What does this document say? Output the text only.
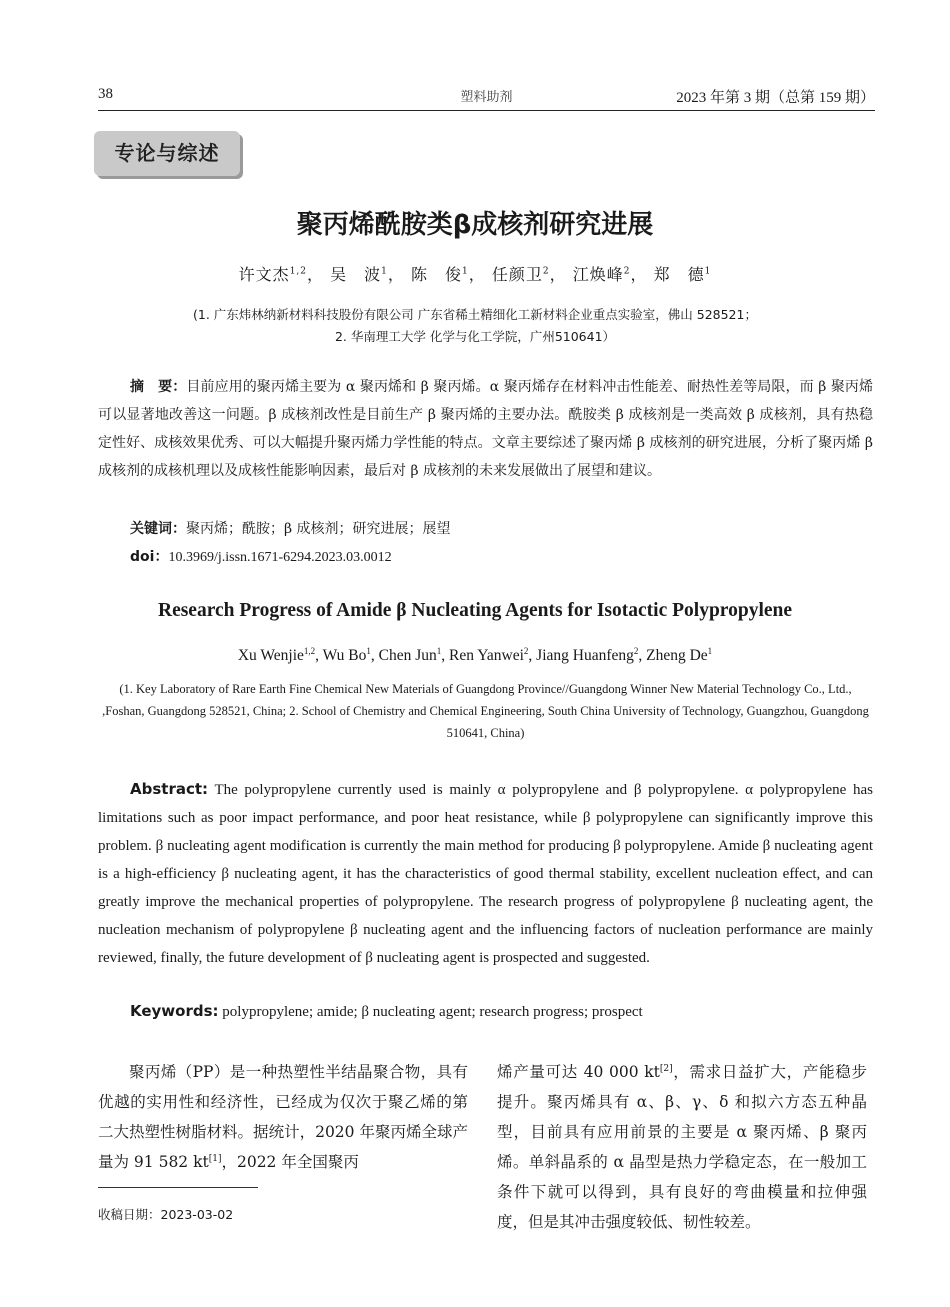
38	塑料助剂	2023 年第 3 期（总第 159 期）
专论与综述
聚丙烯酰胺类β成核剂研究进展
许文杰$^{1,2}$， 吴　波$^1$， 陈　俊$^1$， 任颜卫$^2$， 江焕峰$^2$， 郑　德$^1$
(1. 广东炜林纳新材料科技股份有限公司 广东省稀土精细化工新材料企业重点实验室，佛山 528521；
2. 华南理工大学 化学与化工学院，广州510641）
摘　要：目前应用的聚丙烯主要为 α 聚丙烯和 β 聚丙烯。α 聚丙烯存在材料冲击性能差、耐热性差等局限，而 β 聚丙烯可以显著地改善这一问题。β 成核剂改性是目前生产 β 聚丙烯的主要办法。酰胺类 β 成核剂是一类高效 β 成核剂，具有热稳定性好、成核效果优秀、可以大幅提升聚丙烯力学性能的特点。文章主要综述了聚丙烯 β 成核剂的研究进展，分析了聚丙烯 β 成核剂的成核机理以及成核性能影响因素，最后对 β 成核剂的未来发展做出了展望和建议。
关键词：聚丙烯；酰胺；β 成核剂；研究进展；展望
doi：10.3969/j.issn.1671-6294.2023.03.0012
Research Progress of Amide β Nucleating Agents for Isotactic Polypropylene
Xu Wenjie$^{1,2}$, Wu Bo$^1$, Chen Jun$^1$, Ren Yanwei$^2$, Jiang Huanfeng$^2$, Zheng De$^1$
(1. Key Laboratory of Rare Earth Fine Chemical New Materials of Guangdong Province//Guangdong Winner New Material Technology Co., Ltd., ,Foshan, Guangdong 528521, China; 2. School of Chemistry and Chemical Engineering, South China University of Technology, Guangzhou, Guangdong 510641, China)
Abstract: The polypropylene currently used is mainly α polypropylene and β polypropylene. α polypropylene has limitations such as poor impact performance, and poor heat resistance, while β polypropylene can significantly improve this problem. β nucleating agent modification is currently the main method for producing β polypropylene. Amide β nucleating agent is a high-efficiency β nucleating agent, it has the characteristics of good thermal stability, excellent nucleation effect, and can greatly improve the mechanical properties of polypropylene. The research progress of polypropylene β nucleating agent, the nucleation mechanism of polypropylene β nucleating agent and the influencing factors of nucleation performance are mainly reviewed, finally, the future development of β nucleating agent is prospected and suggested.
Keywords: polypropylene; amide; β nucleating agent; research progress; prospect
聚丙烯（PP）是一种热塑性半结晶聚合物，具有优越的实用性和经济性，已经成为仅次于聚乙烯的第二大热塑性树脂材料。据统计，2020 年聚丙烯全球产量为 91 582 kt[1]，2022 年全国聚丙
烯产量可达 40 000 kt[2]，需求日益扩大，产能稳步提升。聚丙烯具有 α、β、γ、δ 和拟六方态五种晶型，目前具有应用前景的主要是 α 聚丙烯、β 聚丙烯。单斜晶系的 α 晶型是热力学稳定态，在一般加工条件下就可以得到，具有良好的弯曲模量和拉伸强度，但是其冲击强度较低、韧性较差。
收稿日期：2023-03-02
